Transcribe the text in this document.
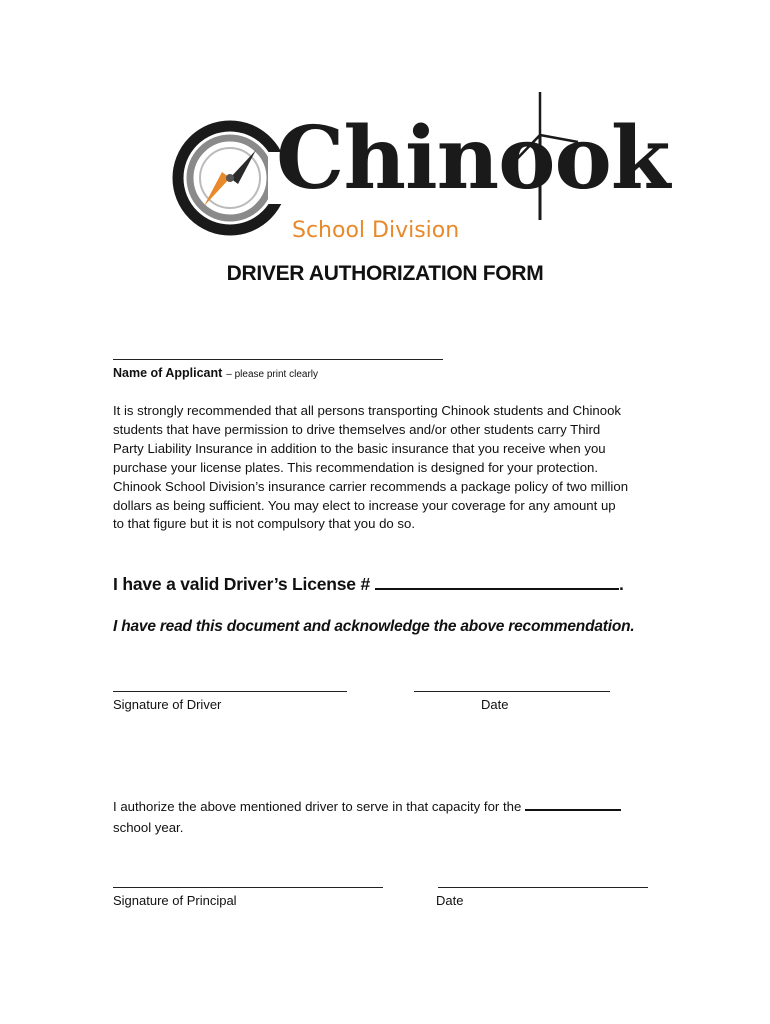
Chinook
School Division
DRIVER AUTHORIZATION FORM
Name of Applicant – please print clearly

It is strongly recommended that all persons transporting Chinook students and Chinook

students that have permission to drive themselves and/or other students carry Third

Party Liability Insurance in addition to the basic insurance that you receive when you

purchase your license plates. This recommendation is designed for your protection.

Chinook School Division’s insurance carrier recommends a package policy of two million

dollars as being sufficient. You may elect to increase your coverage for any amount up

to that figure but it is not compulsory that you do so.

I have a valid Driver’s License #	.
I have read this document and acknowledge the above recommendation.
Signature of Driver	Date
I authorize the above mentioned driver to serve in that capacity for the
school year.
Signature of Principal	Date
